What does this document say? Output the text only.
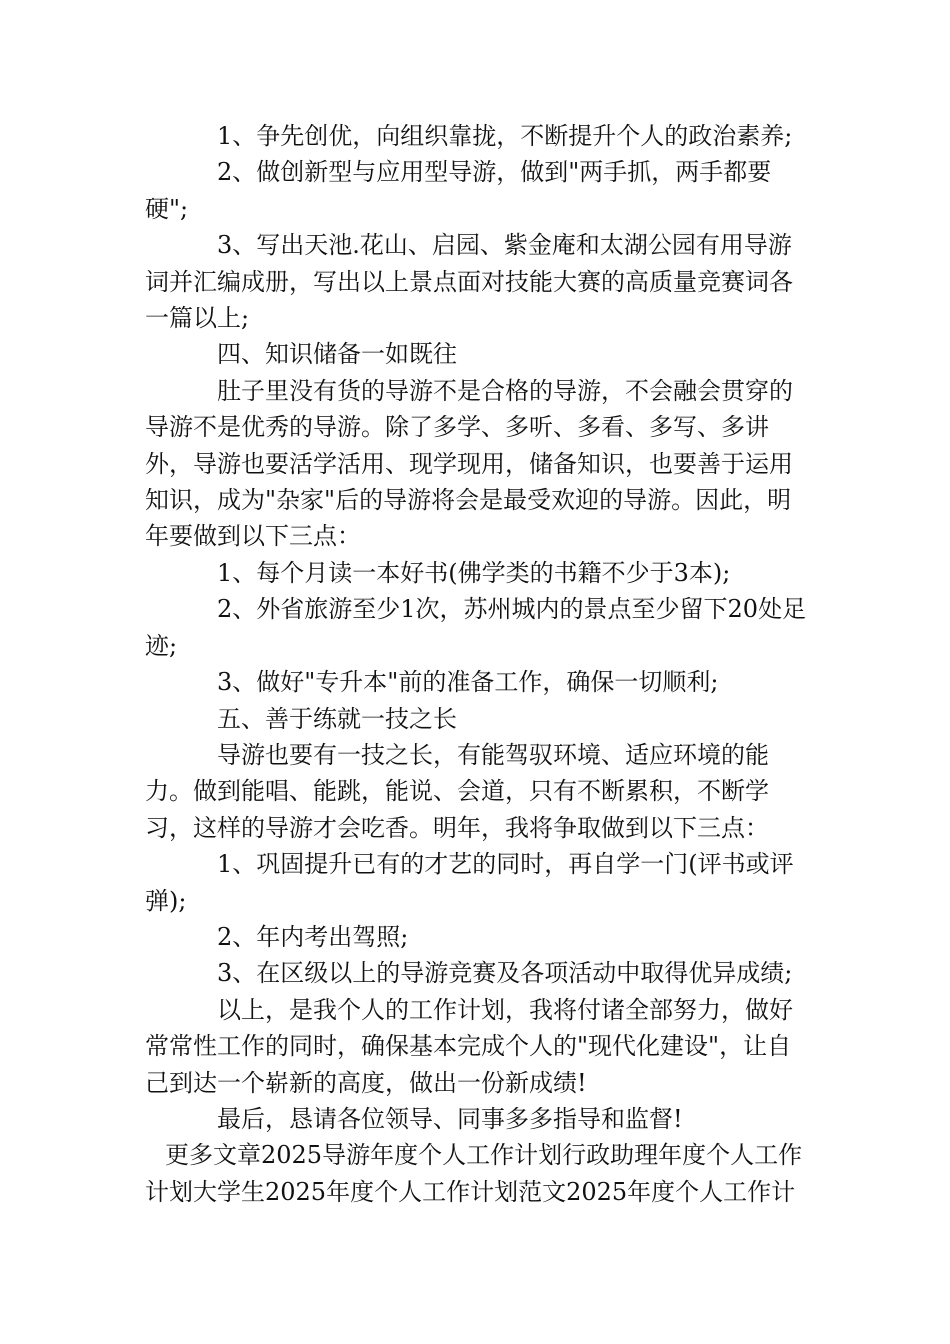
1、争先创优，向组织靠拢，不断提升个人的政治素养;

2、做创新型与应用型导游，做到"两手抓，两手都要硬";

3、写出天池.花山、启园、紫金庵和太湖公园有用导游词并汇编成册，写出以上景点面对技能大赛的高质量竞赛词各一篇以上;

四、知识储备一如既往

肚子里没有货的导游不是合格的导游，不会融会贯穿的导游不是优秀的导游。除了多学、多听、多看、多写、多讲外，导游也要活学活用、现学现用，储备知识，也要善于运用知识，成为"杂家"后的导游将会是最受欢迎的导游。因此，明年要做到以下三点：

1、每个月读一本好书(佛学类的书籍不少于3本);

2、外省旅游至少1次，苏州城内的景点至少留下20处足迹;

3、做好"专升本"前的准备工作，确保一切顺利;

五、善于练就一技之长

导游也要有一技之长，有能驾驭环境、适应环境的能力。做到能唱、能跳，能说、会道，只有不断累积，不断学习，这样的导游才会吃香。明年，我将争取做到以下三点：

1、巩固提升已有的才艺的同时，再自学一门(评书或评弹);

2、年内考出驾照;

3、在区级以上的导游竞赛及各项活动中取得优异成绩;

以上，是我个人的工作计划，我将付诸全部努力，做好常常性工作的同时，确保基本完成个人的"现代化建设"，让自己到达一个崭新的高度，做出一份新成绩!

最后，恳请各位领导、同事多多指导和监督!

更多文章2025导游年度个人工作计划行政助理年度个人工作计划大学生2025年度个人工作计划范文2025年度个人工作计
